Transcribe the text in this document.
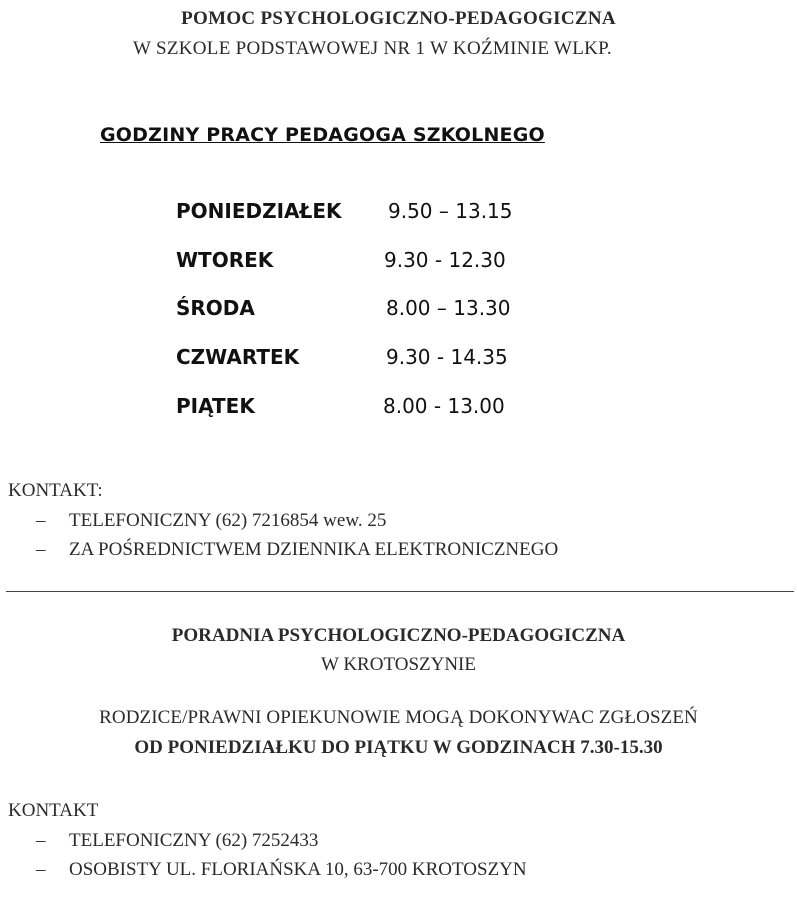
POMOC PSYCHOLOGICZNO-PEDAGOGICZNA
W SZKOLE PODSTAWOWEJ NR 1 W KOŹMINIE WLKP.
GODZINY PRACY PEDAGOGA SZKOLNEGO
PONIEDZIAŁEK 9.50 – 13.15
WTOREK	9.30 - 12.30
ŚRODA	8.00 – 13.30
CZWARTEK	9.30 - 14.35
PIĄTEK	8.00 - 13.00
KONTAKT:
– TELEFONICZNY (62) 7216854 wew. 25
– ZA POŚREDNICTWEM DZIENNIKA ELEKTRONICZNEGO
PORADNIA PSYCHOLOGICZNO-PEDAGOGICZNA
W KROTOSZYNIE
RODZICE/PRAWNI OPIEKUNOWIE MOGĄ DOKONYWAC ZGŁOSZEŃ
OD PONIEDZIAŁKU DO PIĄTKU W GODZINACH 7.30-15.30
KONTAKT
– TELEFONICZNY (62) 7252433
– OSOBISTY UL. FLORIAŃSKA 10, 63-700 KROTOSZYN
